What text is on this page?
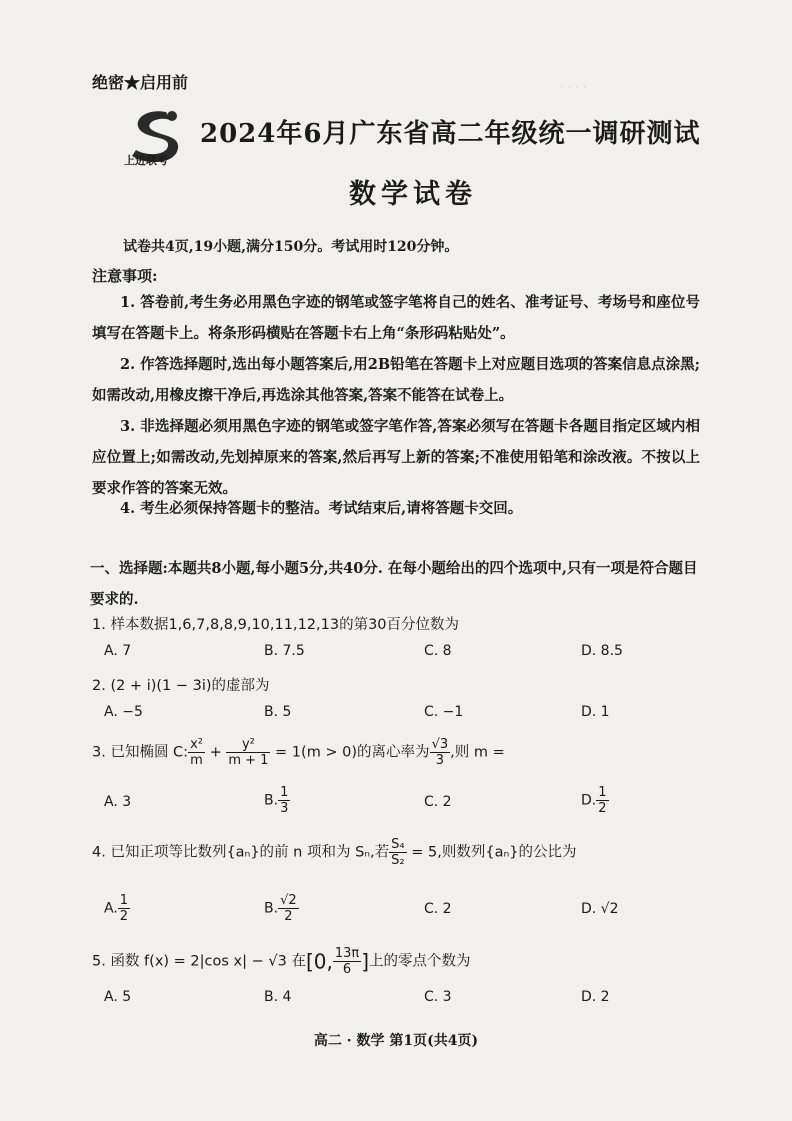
· · · ·
绝密★启用前
上进联考
2024年6月广东省高二年级统一调研测试
数学试卷
试卷共4页,19小题,满分150分。考试用时120分钟。
注意事项:
1. 答卷前,考生务必用黑色字迹的钢笔或签字笔将自己的姓名、准考证号、考场号和座位号填写在答题卡上。将条形码横贴在答题卡右上角“条形码粘贴处”。
2. 作答选择题时,选出每小题答案后,用2B铅笔在答题卡上对应题目选项的答案信息点涂黑;如需改动,用橡皮擦干净后,再选涂其他答案,答案不能答在试卷上。
3. 非选择题必须用黑色字迹的钢笔或签字笔作答,答案必须写在答题卡各题目指定区域内相应位置上;如需改动,先划掉原来的答案,然后再写上新的答案;不准使用铅笔和涂改液。不按以上要求作答的答案无效。
4. 考生必须保持答题卡的整洁。考试结束后,请将答题卡交回。
一、选择题:本题共8小题,每小题5分,共40分. 在每小题给出的四个选项中,只有一项是符合题目要求的.
1. 样本数据1,6,7,8,8,9,10,11,12,13的第30百分位数为
A. 7	B. 7.5	C. 8	D. 8.5
2. (2 + i)(1 − 3i)的虚部为
A. −5	B. 5	C. −1	D. 1
3. 已知椭圆 C: $\frac{\text{x²}}{m} + \frac{\text{y²}}{m + 1} = 1(m > 0)$的离心率为 $\frac{√3}{3}$ ,则 m =
A. 3	B. $\frac{1}{3}$	C. 2	D. $\frac{1}{2}$
4. 已知正项等比数列{aₙ}的前 n 项和为 Sₙ,若 $\frac{\text{S₄}}{\text{S₂}} = 5$,则数列{aₙ}的公比为
A. $\frac{1}{2}$	B. $\frac{√2}{2}$	C. 2	D. √2
5. 函数 f(x) = 2|cos x| − √3 在[0, $\frac{13\pi}{6}$ ]上的零点个数为
A. 5	B. 4	C. 3	D. 2
高二 · 数学 第1页(共4页)
